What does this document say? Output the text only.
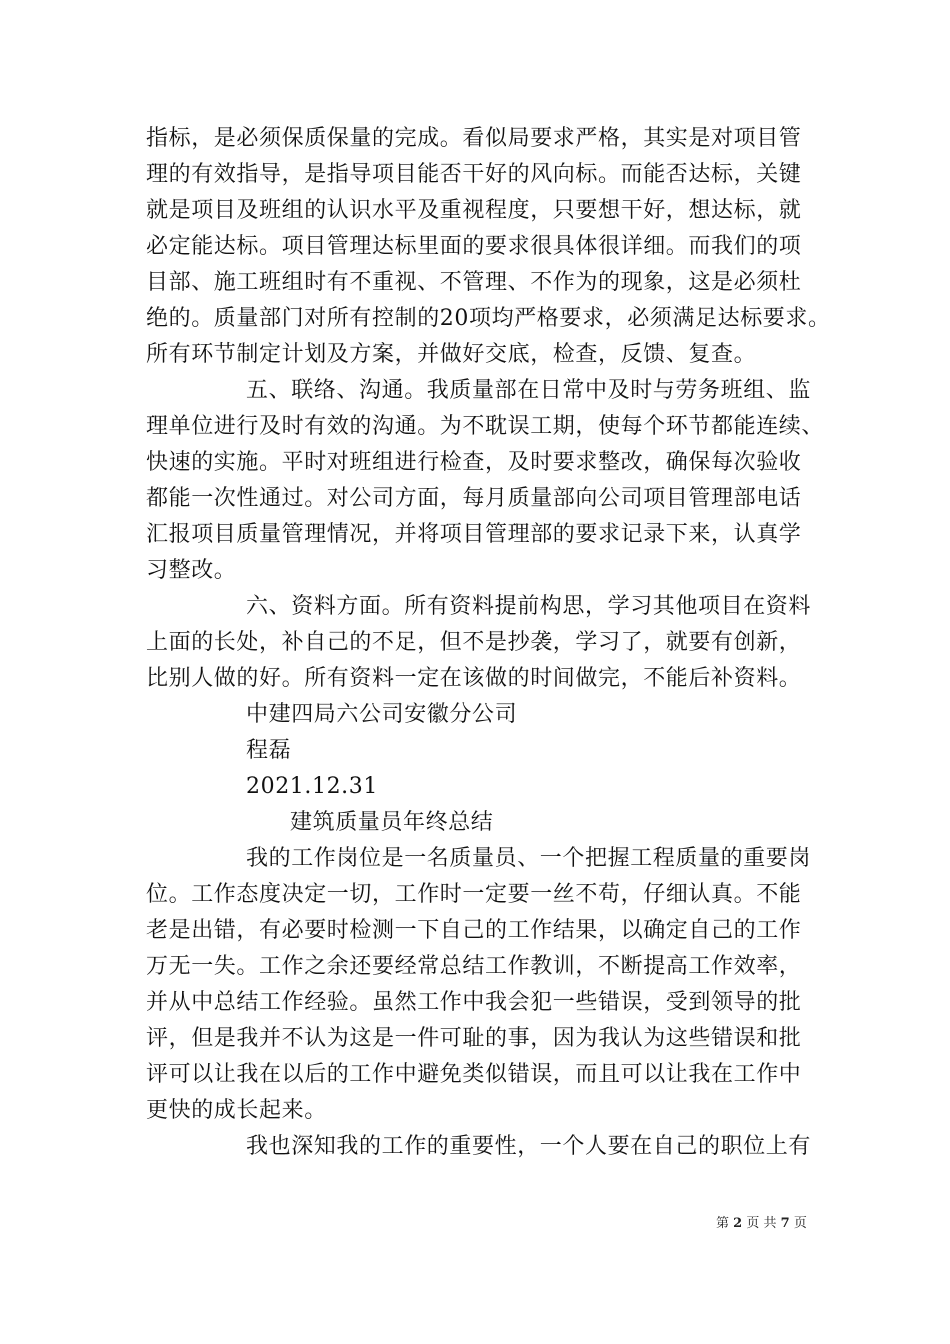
指标，是必须保质保量的完成。看似局要求严格，其实是对项目管
理的有效指导，是指导项目能否干好的风向标。而能否达标，关键
就是项目及班组的认识水平及重视程度，只要想干好，想达标，就
必定能达标。项目管理达标里面的要求很具体很详细。而我们的项
目部、施工班组时有不重视、不管理、不作为的现象，这是必须杜
绝的。质量部门对所有控制的20项均严格要求，必须满足达标要求。
所有环节制定计划及方案，并做好交底，检查，反馈、复查。
五、联络、沟通。我质量部在日常中及时与劳务班组、监
理单位进行及时有效的沟通。为不耽误工期，使每个环节都能连续、
快速的实施。平时对班组进行检查，及时要求整改，确保每次验收
都能一次性通过。对公司方面，每月质量部向公司项目管理部电话
汇报项目质量管理情况，并将项目管理部的要求记录下来，认真学
习整改。
六、资料方面。所有资料提前构思，学习其他项目在资料
上面的长处，补自己的不足，但不是抄袭，学习了，就要有创新，
比别人做的好。所有资料一定在该做的时间做完，不能后补资料。
中建四局六公司安徽分公司
程磊
2021.12.31
建筑质量员年终总结
我的工作岗位是一名质量员、一个把握工程质量的重要岗
位。工作态度决定一切，工作时一定要一丝不苟，仔细认真。不能
老是出错，有必要时检测一下自己的工作结果，以确定自己的工作
万无一失。工作之余还要经常总结工作教训，不断提高工作效率，
并从中总结工作经验。虽然工作中我会犯一些错误，受到领导的批
评，但是我并不认为这是一件可耻的事，因为我认为这些错误和批
评可以让我在以后的工作中避免类似错误，而且可以让我在工作中
更快的成长起来。
我也深知我的工作的重要性，一个人要在自己的职位上有
第 2 页 共 7 页
